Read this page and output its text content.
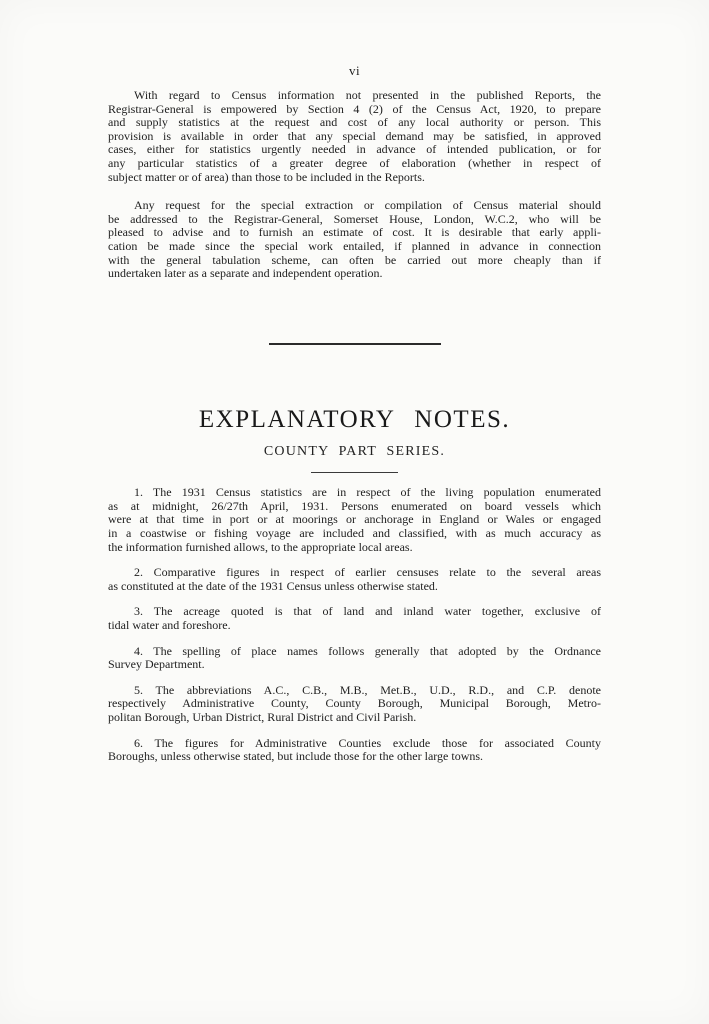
vi
With regard to Census information not presented in the published Reports, the
Registrar-General is empowered by Section 4 (2) of the Census Act, 1920, to prepare
and supply statistics at the request and cost of any local authority or person. This
provision is available in order that any special demand may be satisfied, in approved
cases, either for statistics urgently needed in advance of intended publication, or for
any particular statistics of a greater degree of elaboration (whether in respect of
subject matter or of area) than those to be included in the Reports.
Any request for the special extraction or compilation of Census material should
be addressed to the Registrar-General, Somerset House, London, W.C.2, who will be
pleased to advise and to furnish an estimate of cost. It is desirable that early appli-
cation be made since the special work entailed, if planned in advance in connection
with the general tabulation scheme, can often be carried out more cheaply than if
undertaken later as a separate and independent operation.
EXPLANATORY NOTES.
COUNTY PART SERIES.
1. The 1931 Census statistics are in respect of the living population enumerated
as at midnight, 26/27th April, 1931. Persons enumerated on board vessels which
were at that time in port or at moorings or anchorage in England or Wales or engaged
in a coastwise or fishing voyage are included and classified, with as much accuracy as
the information furnished allows, to the appropriate local areas.
2. Comparative figures in respect of earlier censuses relate to the several areas
as constituted at the date of the 1931 Census unless otherwise stated.
3. The acreage quoted is that of land and inland water together, exclusive of
tidal water and foreshore.
4. The spelling of place names follows generally that adopted by the Ordnance
Survey Department.
5. The abbreviations A.C., C.B., M.B., Met.B., U.D., R.D., and C.P. denote
respectively Administrative County, County Borough, Municipal Borough, Metro-
politan Borough, Urban District, Rural District and Civil Parish.
6. The figures for Administrative Counties exclude those for associated County
Boroughs, unless otherwise stated, but include those for the other large towns.
